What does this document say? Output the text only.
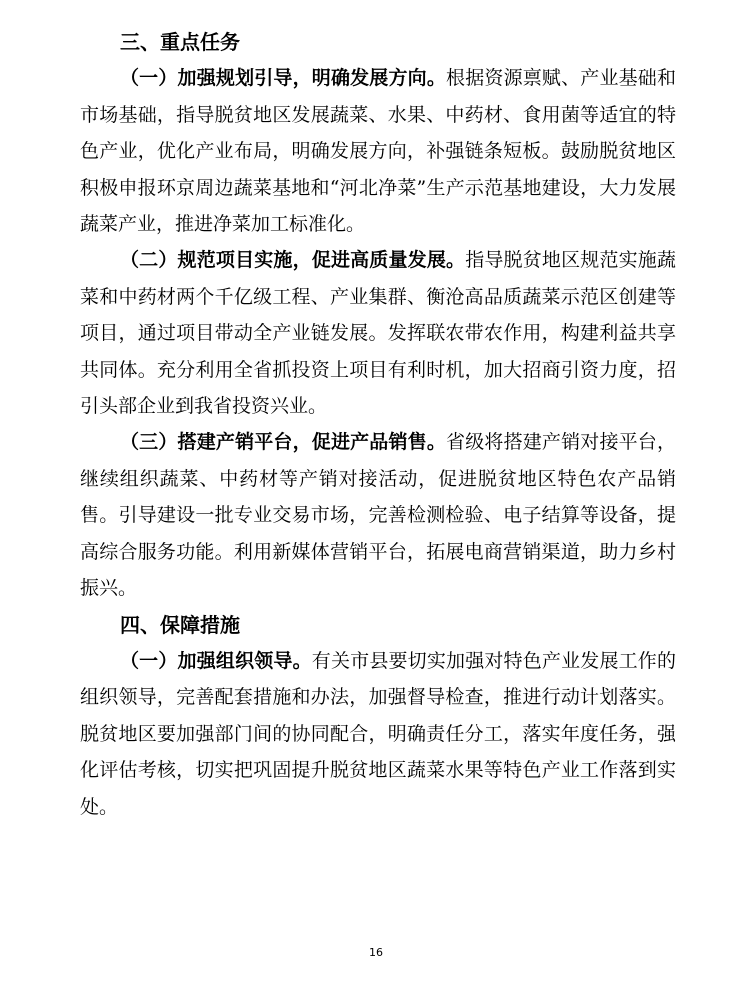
三、重点任务

（一）加强规划引导，明确发展方向。根据资源禀赋、产业基础和市场基础，指导脱贫地区发展蔬菜、水果、中药材、食用菌等适宜的特色产业，优化产业布局，明确发展方向，补强链条短板。鼓励脱贫地区积极申报环京周边蔬菜基地和“河北净菜”生产示范基地建设，大力发展蔬菜产业，推进净菜加工标准化。

（二）规范项目实施，促进高质量发展。指导脱贫地区规范实施蔬菜和中药材两个千亿级工程、产业集群、衡沧高品质蔬菜示范区创建等项目，通过项目带动全产业链发展。发挥联农带农作用，构建利益共享共同体。充分利用全省抓投资上项目有利时机，加大招商引资力度，招引头部企业到我省投资兴业。

（三）搭建产销平台，促进产品销售。省级将搭建产销对接平台，继续组织蔬菜、中药材等产销对接活动，促进脱贫地区特色农产品销售。引导建设一批专业交易市场，完善检测检验、电子结算等设备，提高综合服务功能。利用新媒体营销平台，拓展电商营销渠道，助力乡村振兴。

四、保障措施

（一）加强组织领导。有关市县要切实加强对特色产业发展工作的组织领导，完善配套措施和办法，加强督导检查，推进行动计划落实。脱贫地区要加强部门间的协同配合，明确责任分工，落实年度任务，强化评估考核，切实把巩固提升脱贫地区蔬菜水果等特色产业工作落到实处。

16
